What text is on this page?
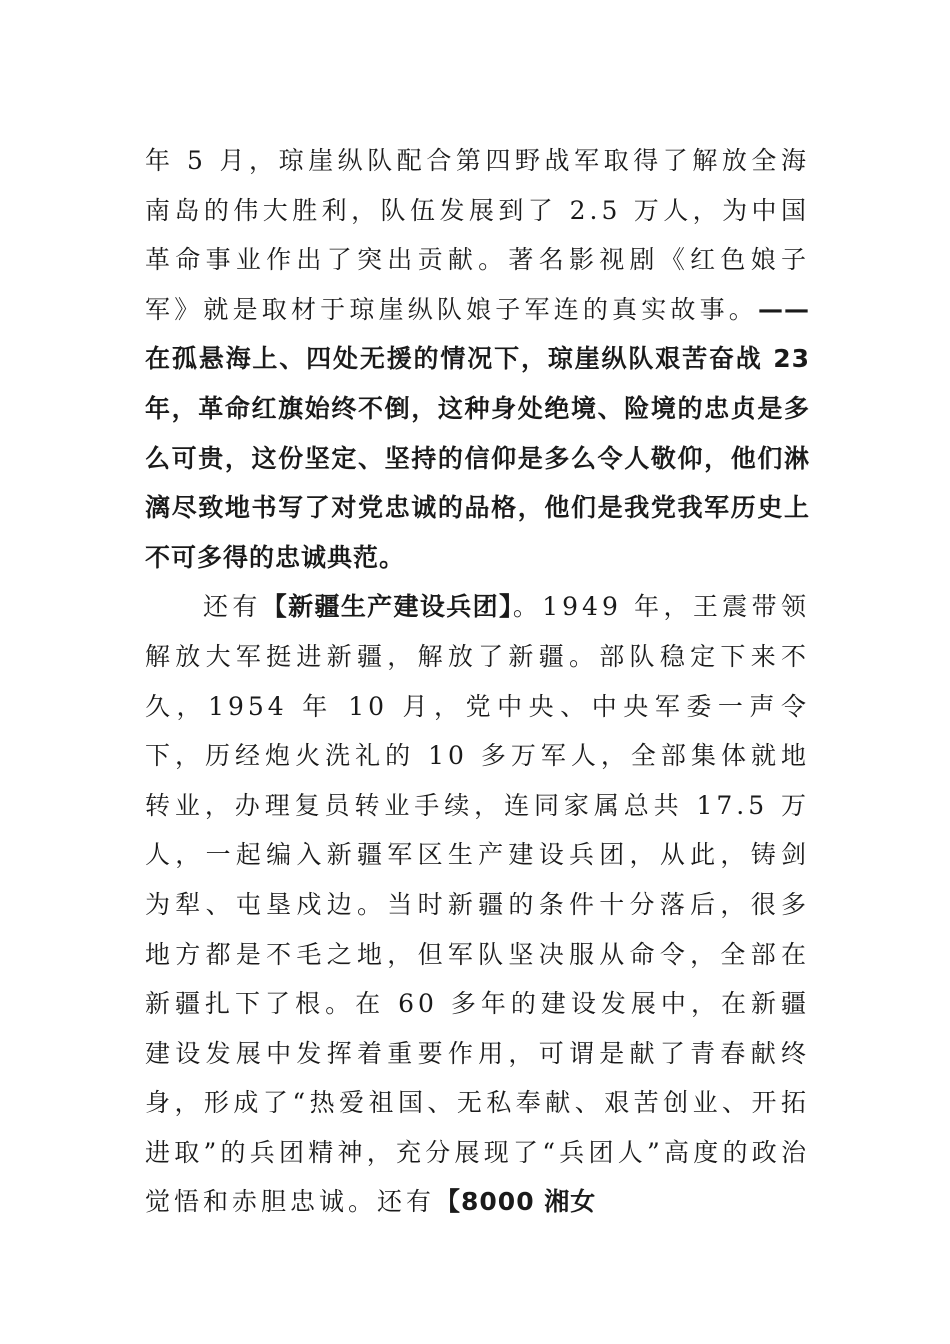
年 5 月，琼崖纵队配合第四野战军取得了解放全海南岛的伟大胜利，队伍发展到了 2.5 万人，为中国革命事业作出了突出贡献。著名影视剧《红色娘子军》就是取材于琼崖纵队娘子军连的真实故事。——在孤悬海上、四处无援的情况下，琼崖纵队艰苦奋战 23 年，革命红旗始终不倒，这种身处绝境、险境的忠贞是多么可贵，这份坚定、坚持的信仰是多么令人敬仰，他们淋漓尽致地书写了对党忠诚的品格，他们是我党我军历史上不可多得的忠诚典范。

还有【新疆生产建设兵团】。1949 年，王震带领解放大军挺进新疆，解放了新疆。部队稳定下来不久，1954 年 10 月，党中央、中央军委一声令下，历经炮火洗礼的 10 多万军人，全部集体就地转业，办理复员转业手续，连同家属总共 17.5 万人，一起编入新疆军区生产建设兵团，从此，铸剑为犁、屯垦戍边。当时新疆的条件十分落后，很多地方都是不毛之地，但军队坚决服从命令，全部在新疆扎下了根。在 60 多年的建设发展中，在新疆建设发展中发挥着重要作用，可谓是献了青春献终身，形成了“热爱祖国、无私奉献、艰苦创业、开拓进取”的兵团精神，充分展现了“兵团人”高度的政治觉悟和赤胆忠诚。还有【8000 湘女
